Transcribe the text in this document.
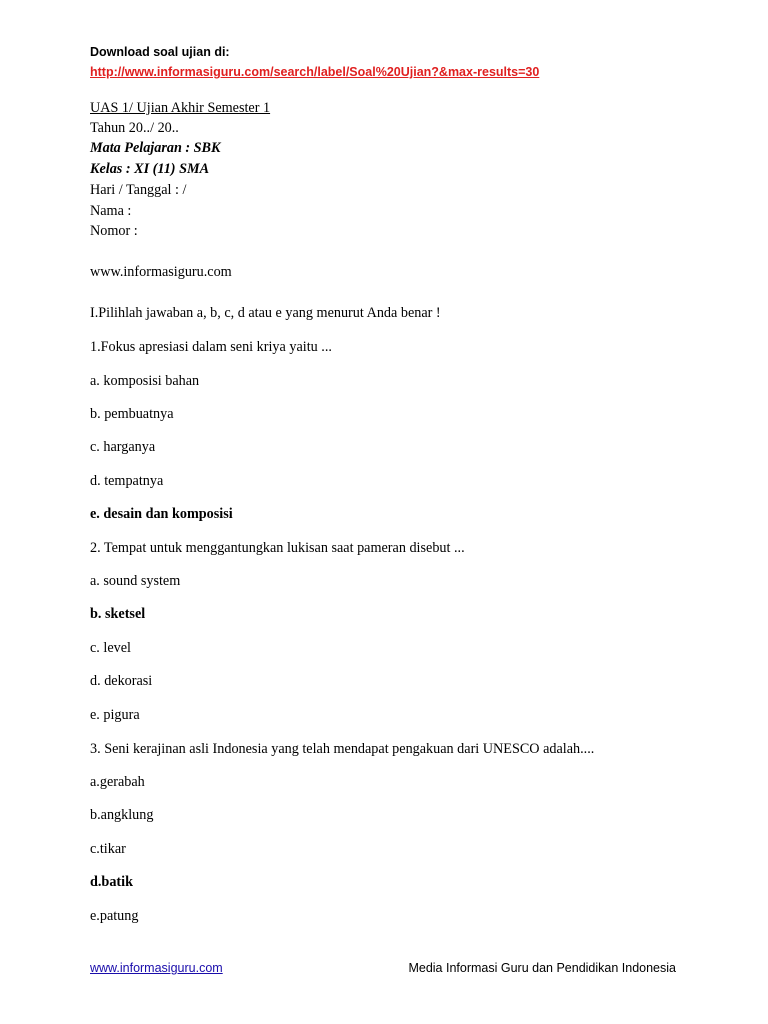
Download soal ujian di:
http://www.informasiguru.com/search/label/Soal%20Ujian?&max-results=30
UAS 1/ Ujian Akhir Semester 1
Tahun 20../ 20..
Mata Pelajaran : SBK
Kelas : XI (11) SMA
Hari / Tanggal : /
Nama :
Nomor :
www.informasiguru.com
I.Pilihlah jawaban a, b, c, d atau e yang menurut Anda benar !
1.Fokus apresiasi dalam seni kriya yaitu ...
a. komposisi bahan
b. pembuatnya
c. harganya
d. tempatnya
e. desain dan komposisi
2. Tempat untuk menggantungkan lukisan saat pameran disebut ...
a. sound system
b. sketsel
c. level
d. dekorasi
e. pigura
3. Seni kerajinan asli Indonesia yang telah mendapat pengakuan dari UNESCO adalah....
a.gerabah
b.angklung
c.tikar
d.batik
e.patung
www.informasiguru.com	Media Informasi Guru dan Pendidikan Indonesia
